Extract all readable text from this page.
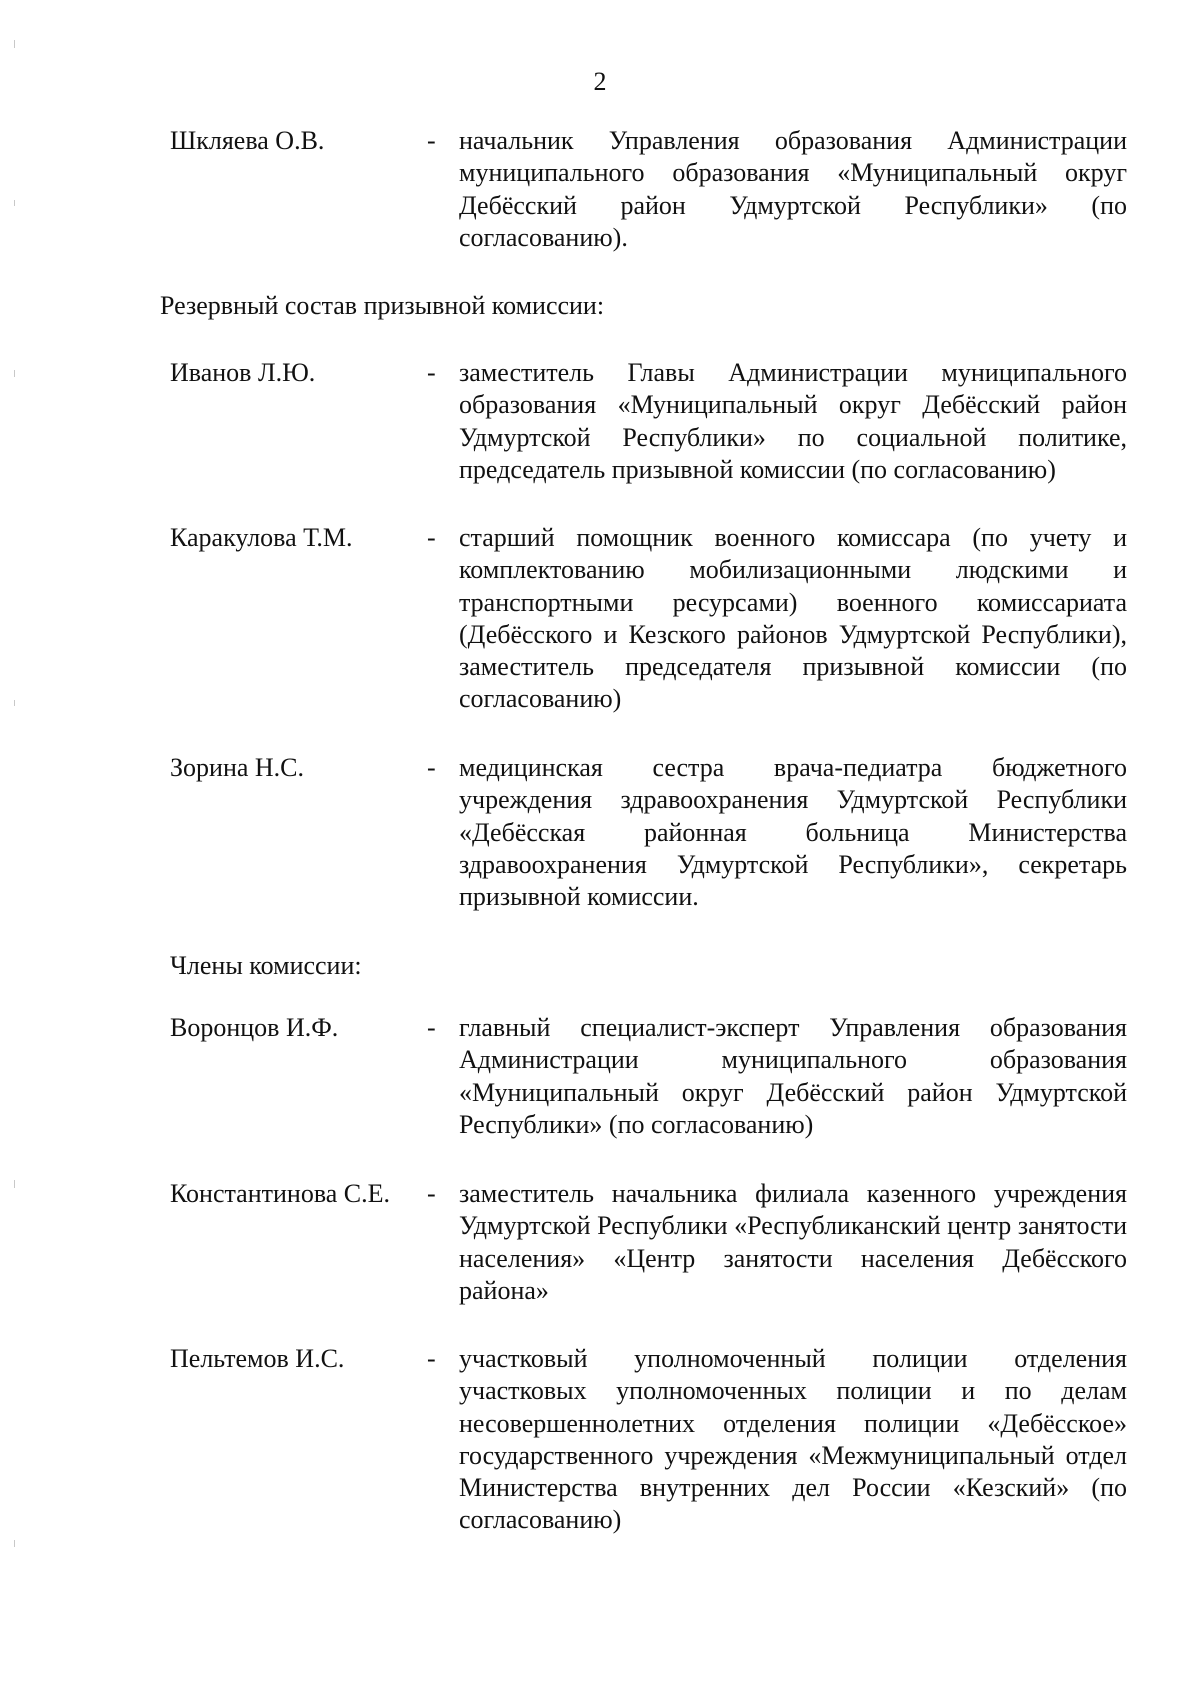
2
Шкляева О.В.	- начальник Управления образования Администрации муниципального образования «Муниципальный округ Дебёсский район Удмуртской Республики» (по согласованию).
Резервный состав призывной комиссии:
Иванов Л.Ю.	- заместитель Главы Администрации муниципального образования «Муниципальный округ Дебёсский район Удмуртской Республики» по социальной политике, председатель призывной комиссии (по согласованию)
Каракулова Т.М.	- старший помощник военного комиссара (по учету и комплектованию мобилизационными людскими и транспортными ресурсами) военного комиссариата (Дебёсского и Кезского районов Удмуртской Республики), заместитель председателя призывной комиссии (по согласованию)
Зорина Н.С.	- медицинская сестра врача-педиатра бюджетного учреждения здравоохранения Удмуртской Республики «Дебёсская районная больница Министерства здравоохранения Удмуртской Республики», секретарь призывной комиссии.
Члены комиссии:
Воронцов И.Ф.	- главный специалист-эксперт Управления образования Администрации муниципального образования «Муниципальный округ Дебёсский район Удмуртской Республики» (по согласованию)
Константинова С.Е. - заместитель начальника филиала казенного учреждения Удмуртской Республики «Республиканский центр занятости населения» «Центр занятости населения Дебёсского района»
Пельтемов И.С.	- участковый уполномоченный полиции отделения участковых уполномоченных полиции и по делам несовершеннолетних отделения полиции «Дебёсское» государственного учреждения «Межмуниципальный отдел Министерства внутренних дел России «Кезский» (по согласованию)
